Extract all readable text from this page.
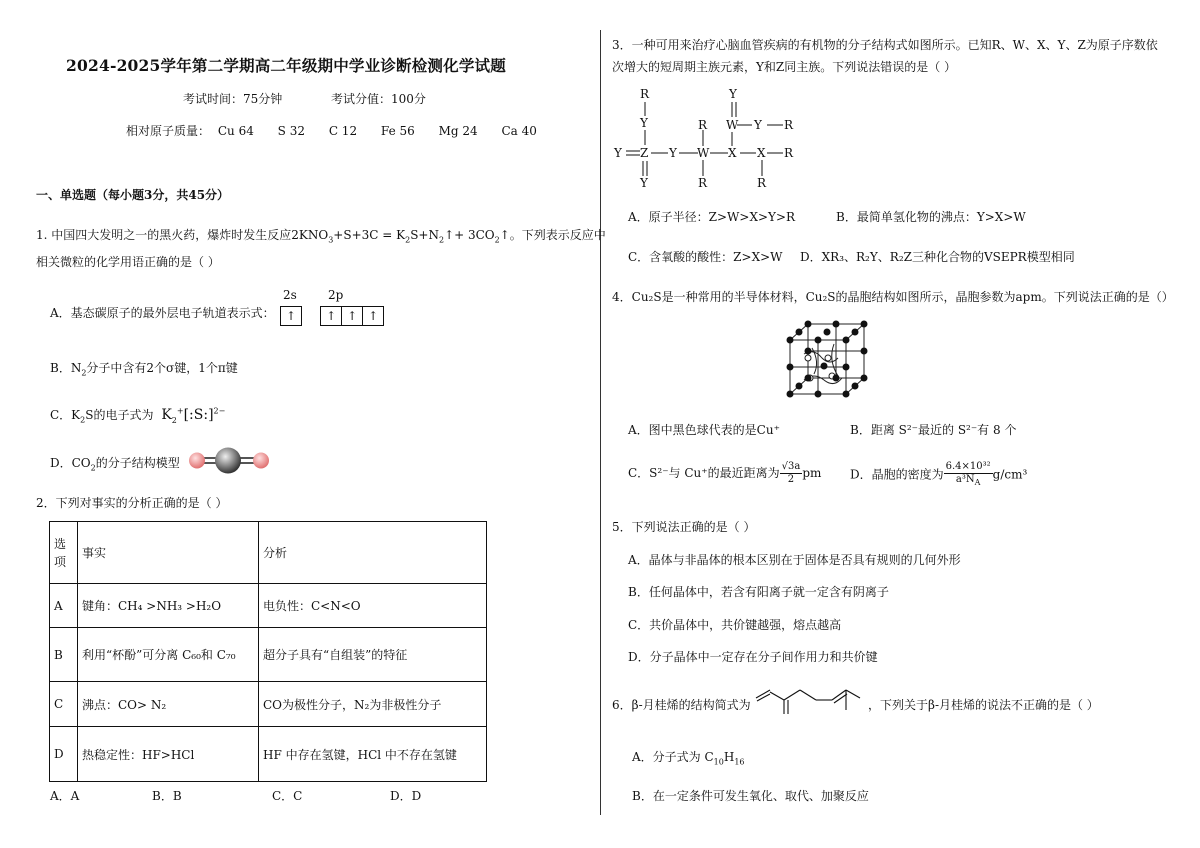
2024-2025学年第二学期高二年级期中学业诊断检测化学试题
考试时间：75分钟	考试分值：100分
相对原子质量： Cu 64 S 32 C 12 Fe 56 Mg 24 Ca 40
一、单选题（每小题3分，共45分）
1. 中国四大发明之一的黑火药，爆炸时发生反应$2KNO_3+S+3C$ = $K_2S+N_2↑+$ $3CO_2↑$。下列表示反应中
相关微粒的化学用语正确的是（ ）
A．基态碳原子的最外层电子轨道表示式：
2s	2p
↑	↑ ↑ ↑
B．$N_2$分子中含有2个σ键，1个π键
C．$K_2S$的电子式为 $K_2^+[:S:]^{2-}$
D．$CO_2$的分子结构模型
2．下列对事实的分析正确的是（ ）
选项	事实	分析
A	键角：CH₄ >NH₃ >H₂O	电负性：C<N<O
B	利用“杯酚”可分离 C₆₀和 C₇₀	超分子具有“自组装”的特征
C	沸点：CO> N₂	CO为极性分子，N₂为非极性分子
D	热稳定性：HF>HCl	HF 中存在氢键，HCl 中不存在氢键
A．A	B．B	C．C	D．D
3．一种可用来治疗心脑血管疾病的有机物的分子结构式如图所示。已知R、W、X、Y、Z为原子序数依
次增大的短周期主族元素，Y和Z同主族。下列说法错误的是（ ）
R
Y
Y Z Y
Y
R
W
R
Y
W Y R
X X R
R
A．原子半径：Z>W>X>Y>R	B．最简单氢化物的沸点：Y>X>W
C．含氧酸的酸性：Z>X>W D．XR₃、R₂Y、R₂Z三种化合物的VSEPR模型相同
4．Cu₂S是一种常用的半导体材料，Cu₂S的晶胞结构如图所示，晶胞参数为apm。下列说法正确的是（）
A．图中黑色球代表的是Cu⁺	B．距离 S²⁻最近的 S²⁻有 8 个
C．S²⁻与 Cu⁺的最近距离为 $\frac{√3a}{2}$ pm D．晶胞的密度为 $\frac{\text{6.4×10³²}}{a^3N_A} g/cm^3$
5．下列说法正确的是（ ）
A．晶体与非晶体的根本区别在于固体是否具有规则的几何外形
B．任何晶体中，若含有阳离子就一定含有阴离子
C．共价晶体中，共价键越强，熔点越高
D．分子晶体中一定存在分子间作用力和共价键
6．β-月桂烯的结构简式为	，下列关于β-月桂烯的说法不正确的是（ ）
A．分子式为 $C_{10}H_{16}$
B．在一定条件可发生氧化、取代、加聚反应
